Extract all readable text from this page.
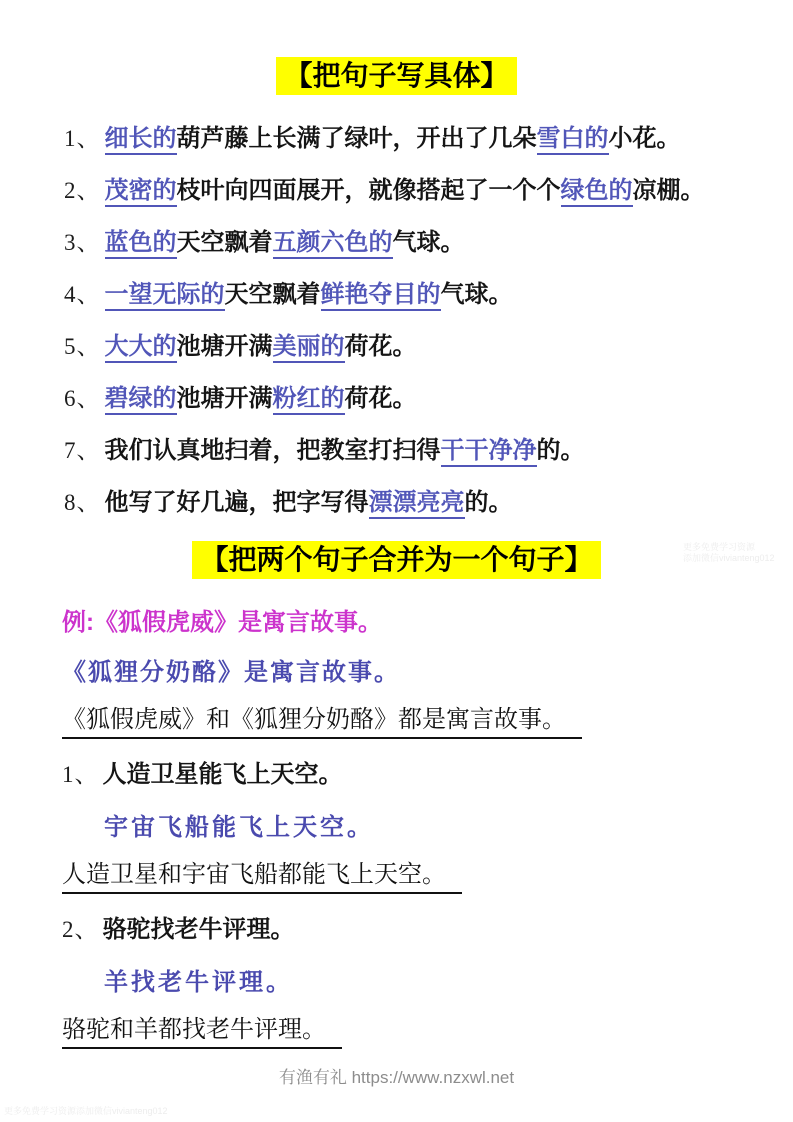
【把句子写具体】
1、 细长的葫芦藤上长满了绿叶，开出了几朵雪白的小花。
2、 茂密的枝叶向四面展开，就像搭起了一个个绿色的凉棚。
3、 蓝色的天空飘着五颜六色的气球。
4、 一望无际的天空飘着鲜艳夺目的气球。
5、 大大的池塘开满美丽的荷花。
6、 碧绿的池塘开满粉红的荷花。
7、 我们认真地扫着，把教室打扫得干干净净的。
8、 他写了好几遍，把字写得漂漂亮亮的。
【把两个句子合并为一个句子】
例:《狐假虎威》是寓言故事。
《狐狸分奶酪》是寓言故事。
《狐假虎威》和《狐狸分奶酪》都是寓言故事。
1、 人造卫星能飞上天空。
宇宙飞船能飞上天空。
人造卫星和宇宙飞船都能飞上天空。
2、 骆驼找老牛评理。
羊找老牛评理。
骆驼和羊都找老牛评理。
有渔有礼 https://www.nzxwl.net
更多免费学习资源
添加微信vivianteng012
更多免费学习资源添加微信vivianteng012
